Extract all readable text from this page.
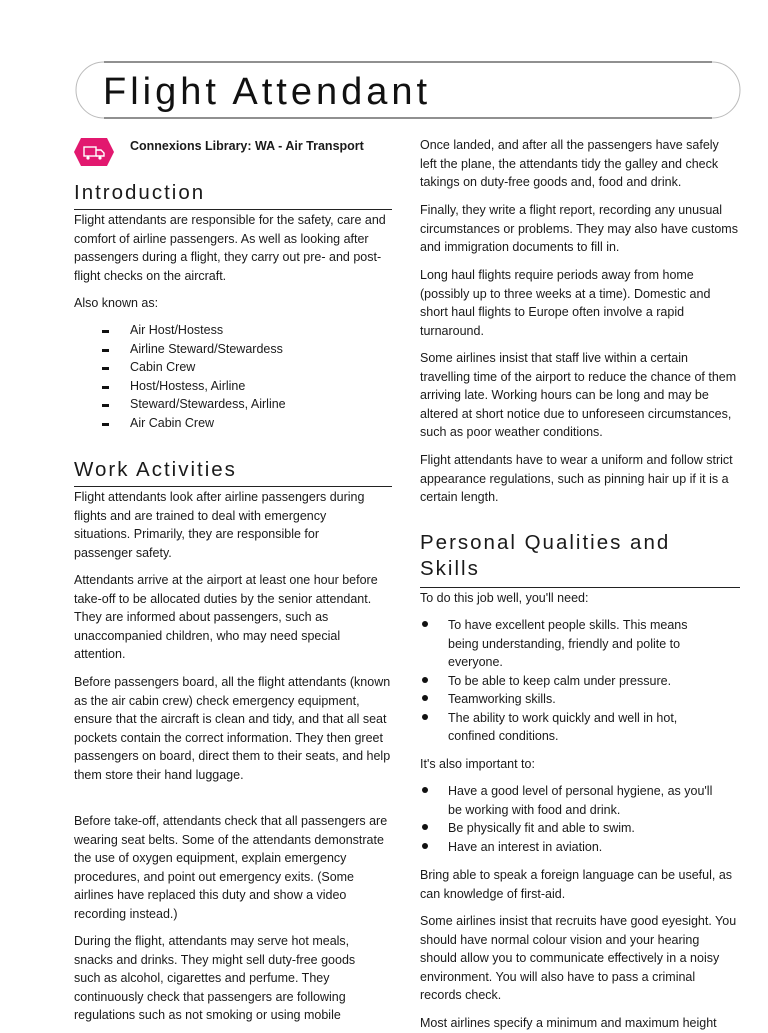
Flight Attendant

Connexions Library: WA - Air Transport

Introduction

Flight attendants are responsible for the safety, care and comfort of airline passengers. As well as looking after passengers during a flight, they carry out pre- and post-flight checks on the aircraft.

Also known as:

Air Host/Hostess
Airline Steward/Stewardess
Cabin Crew
Host/Hostess, Airline
Steward/Stewardess, Airline
Air Cabin Crew
Work Activities

Flight attendants look after airline passengers during flights and are trained to deal with emergency situations. Primarily, they are responsible for passenger safety.

Attendants arrive at the airport at least one hour before take-off to be allocated duties by the senior attendant. They are informed about passengers, such as unaccompanied children, who may need special attention.

Before passengers board, all the flight attendants (known as the air cabin crew) check emergency equipment, ensure that the aircraft is clean and tidy, and that all seat pockets contain the correct information. They then greet passengers on board, direct them to their seats, and help them store their hand luggage.

Before take-off, attendants check that all passengers are wearing seat belts. Some of the attendants demonstrate the use of oxygen equipment, explain emergency procedures, and point out emergency exits. (Some airlines have replaced this duty and show a video recording instead.)

During the flight, attendants may serve hot meals, snacks and drinks. They might sell duty-free goods such as alcohol, cigarettes and perfume. They continuously check that passengers are following regulations such as not smoking or using mobile

Once landed, and after all the passengers have safely left the plane, the attendants tidy the galley and check takings on duty-free goods and, food and drink.

Finally, they write a flight report, recording any unusual circumstances or problems. They may also have customs and immigration documents to fill in.

Long haul flights require periods away from home (possibly up to three weeks at a time). Domestic and short haul flights to Europe often involve a rapid turnaround.

Some airlines insist that staff live within a certain travelling time of the airport to reduce the chance of them arriving late. Working hours can be long and may be altered at short notice due to unforeseen circumstances, such as poor weather conditions.

Flight attendants have to wear a uniform and follow strict appearance regulations, such as pinning hair up if it is a certain length.

Personal Qualities and Skills

To do this job well, you'll need:

To have excellent people skills. This means being understanding, friendly and polite to everyone.
To be able to keep calm under pressure.
Teamworking skills.
The ability to work quickly and well in hot, confined conditions.

It's also important to:

Have a good level of personal hygiene, as you'll be working with food and drink.
Be physically fit and able to swim.
Have an interest in aviation.

Bring able to speak a foreign language can be useful, as can knowledge of first-aid.

Some airlines insist that recruits have good eyesight. You should have normal colour vision and your hearing should allow you to communicate effectively in a noisy environment. You will also have to pass a criminal records check.

Most airlines specify a minimum and maximum height
